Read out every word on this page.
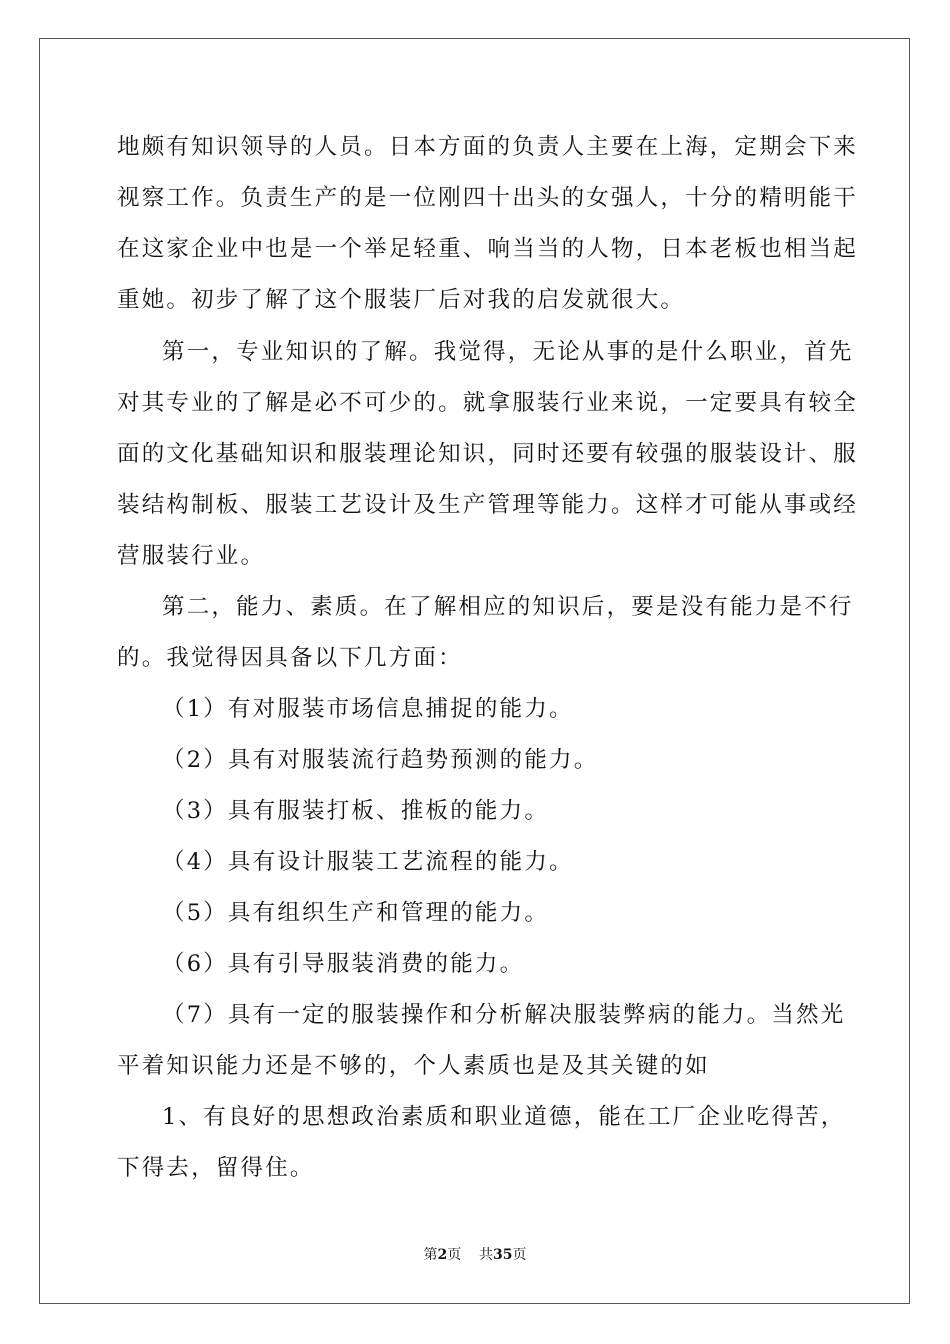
地颇有知识领导的人员。日本方面的负责人主要在上海，定期会下来
视察工作。负责生产的是一位刚四十出头的女强人，十分的精明能干
在这家企业中也是一个举足轻重、响当当的人物，日本老板也相当起
重她。初步了解了这个服装厂后对我的启发就很大。
第一，专业知识的了解。我觉得，无论从事的是什么职业，首先
对其专业的了解是必不可少的。就拿服装行业来说，一定要具有较全
面的文化基础知识和服装理论知识，同时还要有较强的服装设计、服
装结构制板、服装工艺设计及生产管理等能力。这样才可能从事或经
营服装行业。
第二，能力、素质。在了解相应的知识后，要是没有能力是不行
的。我觉得因具备以下几方面：
（1）有对服装市场信息捕捉的能力。
（2）具有对服装流行趋势预测的能力。
（3）具有服装打板、推板的能力。
（4）具有设计服装工艺流程的能力。
（5）具有组织生产和管理的能力。
（6）具有引导服装消费的能力。
（7）具有一定的服装操作和分析解决服装弊病的能力。当然光
平着知识能力还是不够的，个人素质也是及其关键的如
1、有良好的思想政治素质和职业道德，能在工厂企业吃得苦，
下得去，留得住。
第2页 共35页
